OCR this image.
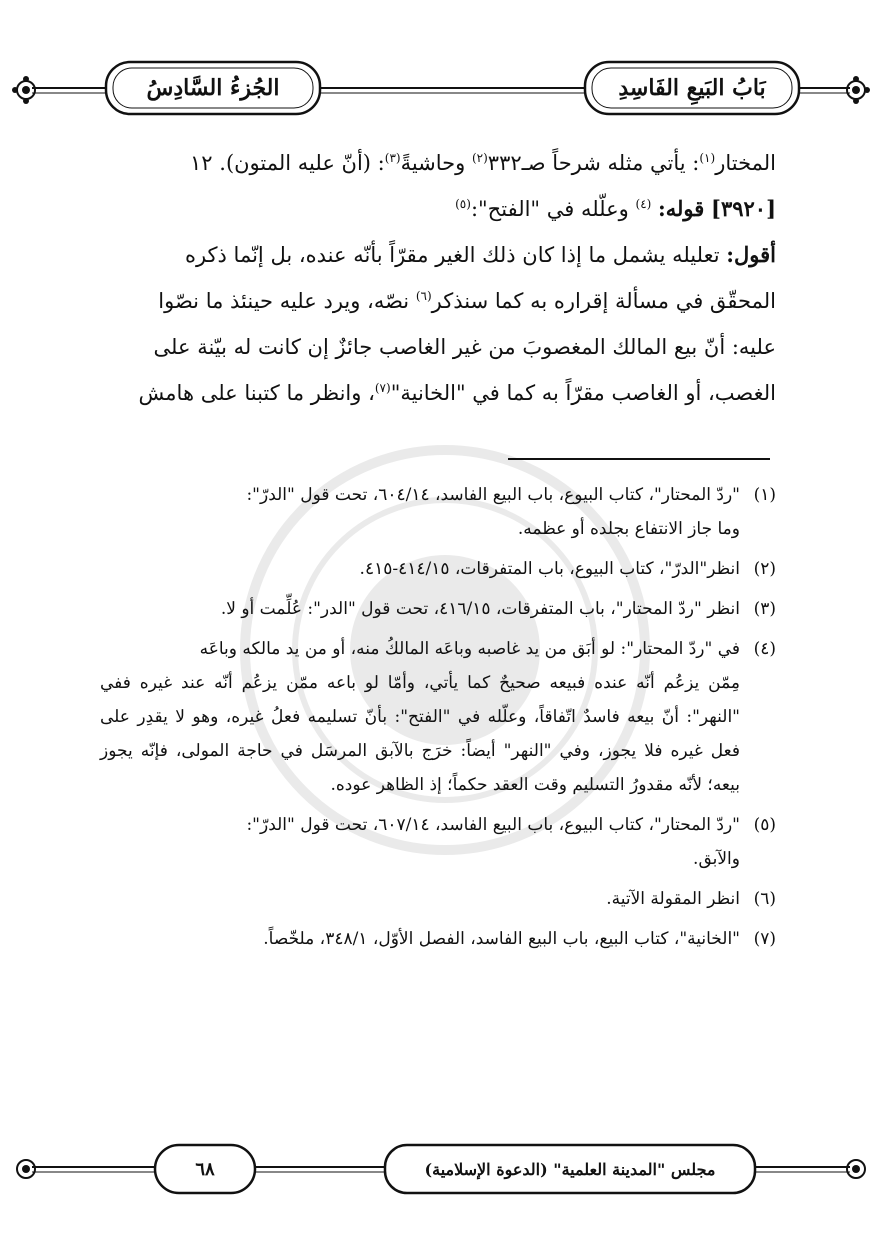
بَابُ البَيعِ الفَاسِدِ
الجُزءُ السَّادِسُ
المختار$^{(١)}$: يأتي مثله شرحاً صـ٣٣٢$^{(٢)}$ وحاشيةً$^{(٣)}$: (أنّ عليه المتون). ١٢
[٣٩٢٠] قوله: $^{(٤)}$ وعلّله في "الفتح":$^{(٥)}$
أقول: تعليله يشمل ما إذا كان ذلك الغير مقرّاً بأنّه عنده، بل إنّما ذكره
المحقّق في مسألة إقراره به كما سنذكر$^{(٦)}$ نصّه، ويرد عليه حينئذ ما نصّوا
عليه: أنّ بيع المالك المغصوبَ من غير الغاصب جائزٌ إن كانت له بيّنة على
الغصب، أو الغاصب مقرّاً به كما في "الخانية"$^{(٧)}$، وانظر ما كتبنا على هامش
(١)"ردّ المحتار"، كتاب البيوع، باب البيع الفاسد، ٦٠٤/١٤، تحت قول "الدرّ":
وما جاز الانتفاع بجلده أو عظمه.
(٢)انظر"الدرّ"، كتاب البيوع، باب المتفرقات، ٤١٤/١٥-٤١٥.
(٣)انظر "ردّ المحتار"، باب المتفرقات، ٤١٦/١٥، تحت قول "الدر": عُلِّمت أو لا.
(٤)في "ردّ المحتار": لو أبَق من يد غاصبه وباعَه المالكُ منه، أو من يد مالكه وباعَه
مِمّن يزعُم أنّه عنده فبيعه صحيحٌ كما يأتي، وأمّا لو باعه ممّن يزعُم أنّه عند غيره ففي "النهر": أنّ بيعه فاسدٌ اتّفاقاً، وعلّله في "الفتح": بأنّ تسليمه فعلُ غيره، وهو لا يقدِر على فعل غيره فلا يجوز، وفي "النهر" أيضاً: خرَج بالآبق المرسَل في حاجة المولى، فإنّه يجوز بيعه؛ لأنّه مقدورُ التسليم وقت العقد حكماً؛ إذ الظاهر عوده.
(٥)"ردّ المحتار"، كتاب البيوع، باب البيع الفاسد، ٦٠٧/١٤، تحت قول "الدرّ":
والآبق.
(٦)انظر المقولة الآتية.
(٧)"الخانية"، كتاب البيع، باب البيع الفاسد، الفصل الأوّل، ٣٤٨/١، ملخّصاً.
مجلس "المدينة العلمية" (الدعوة الإسلامية)
٦٨
